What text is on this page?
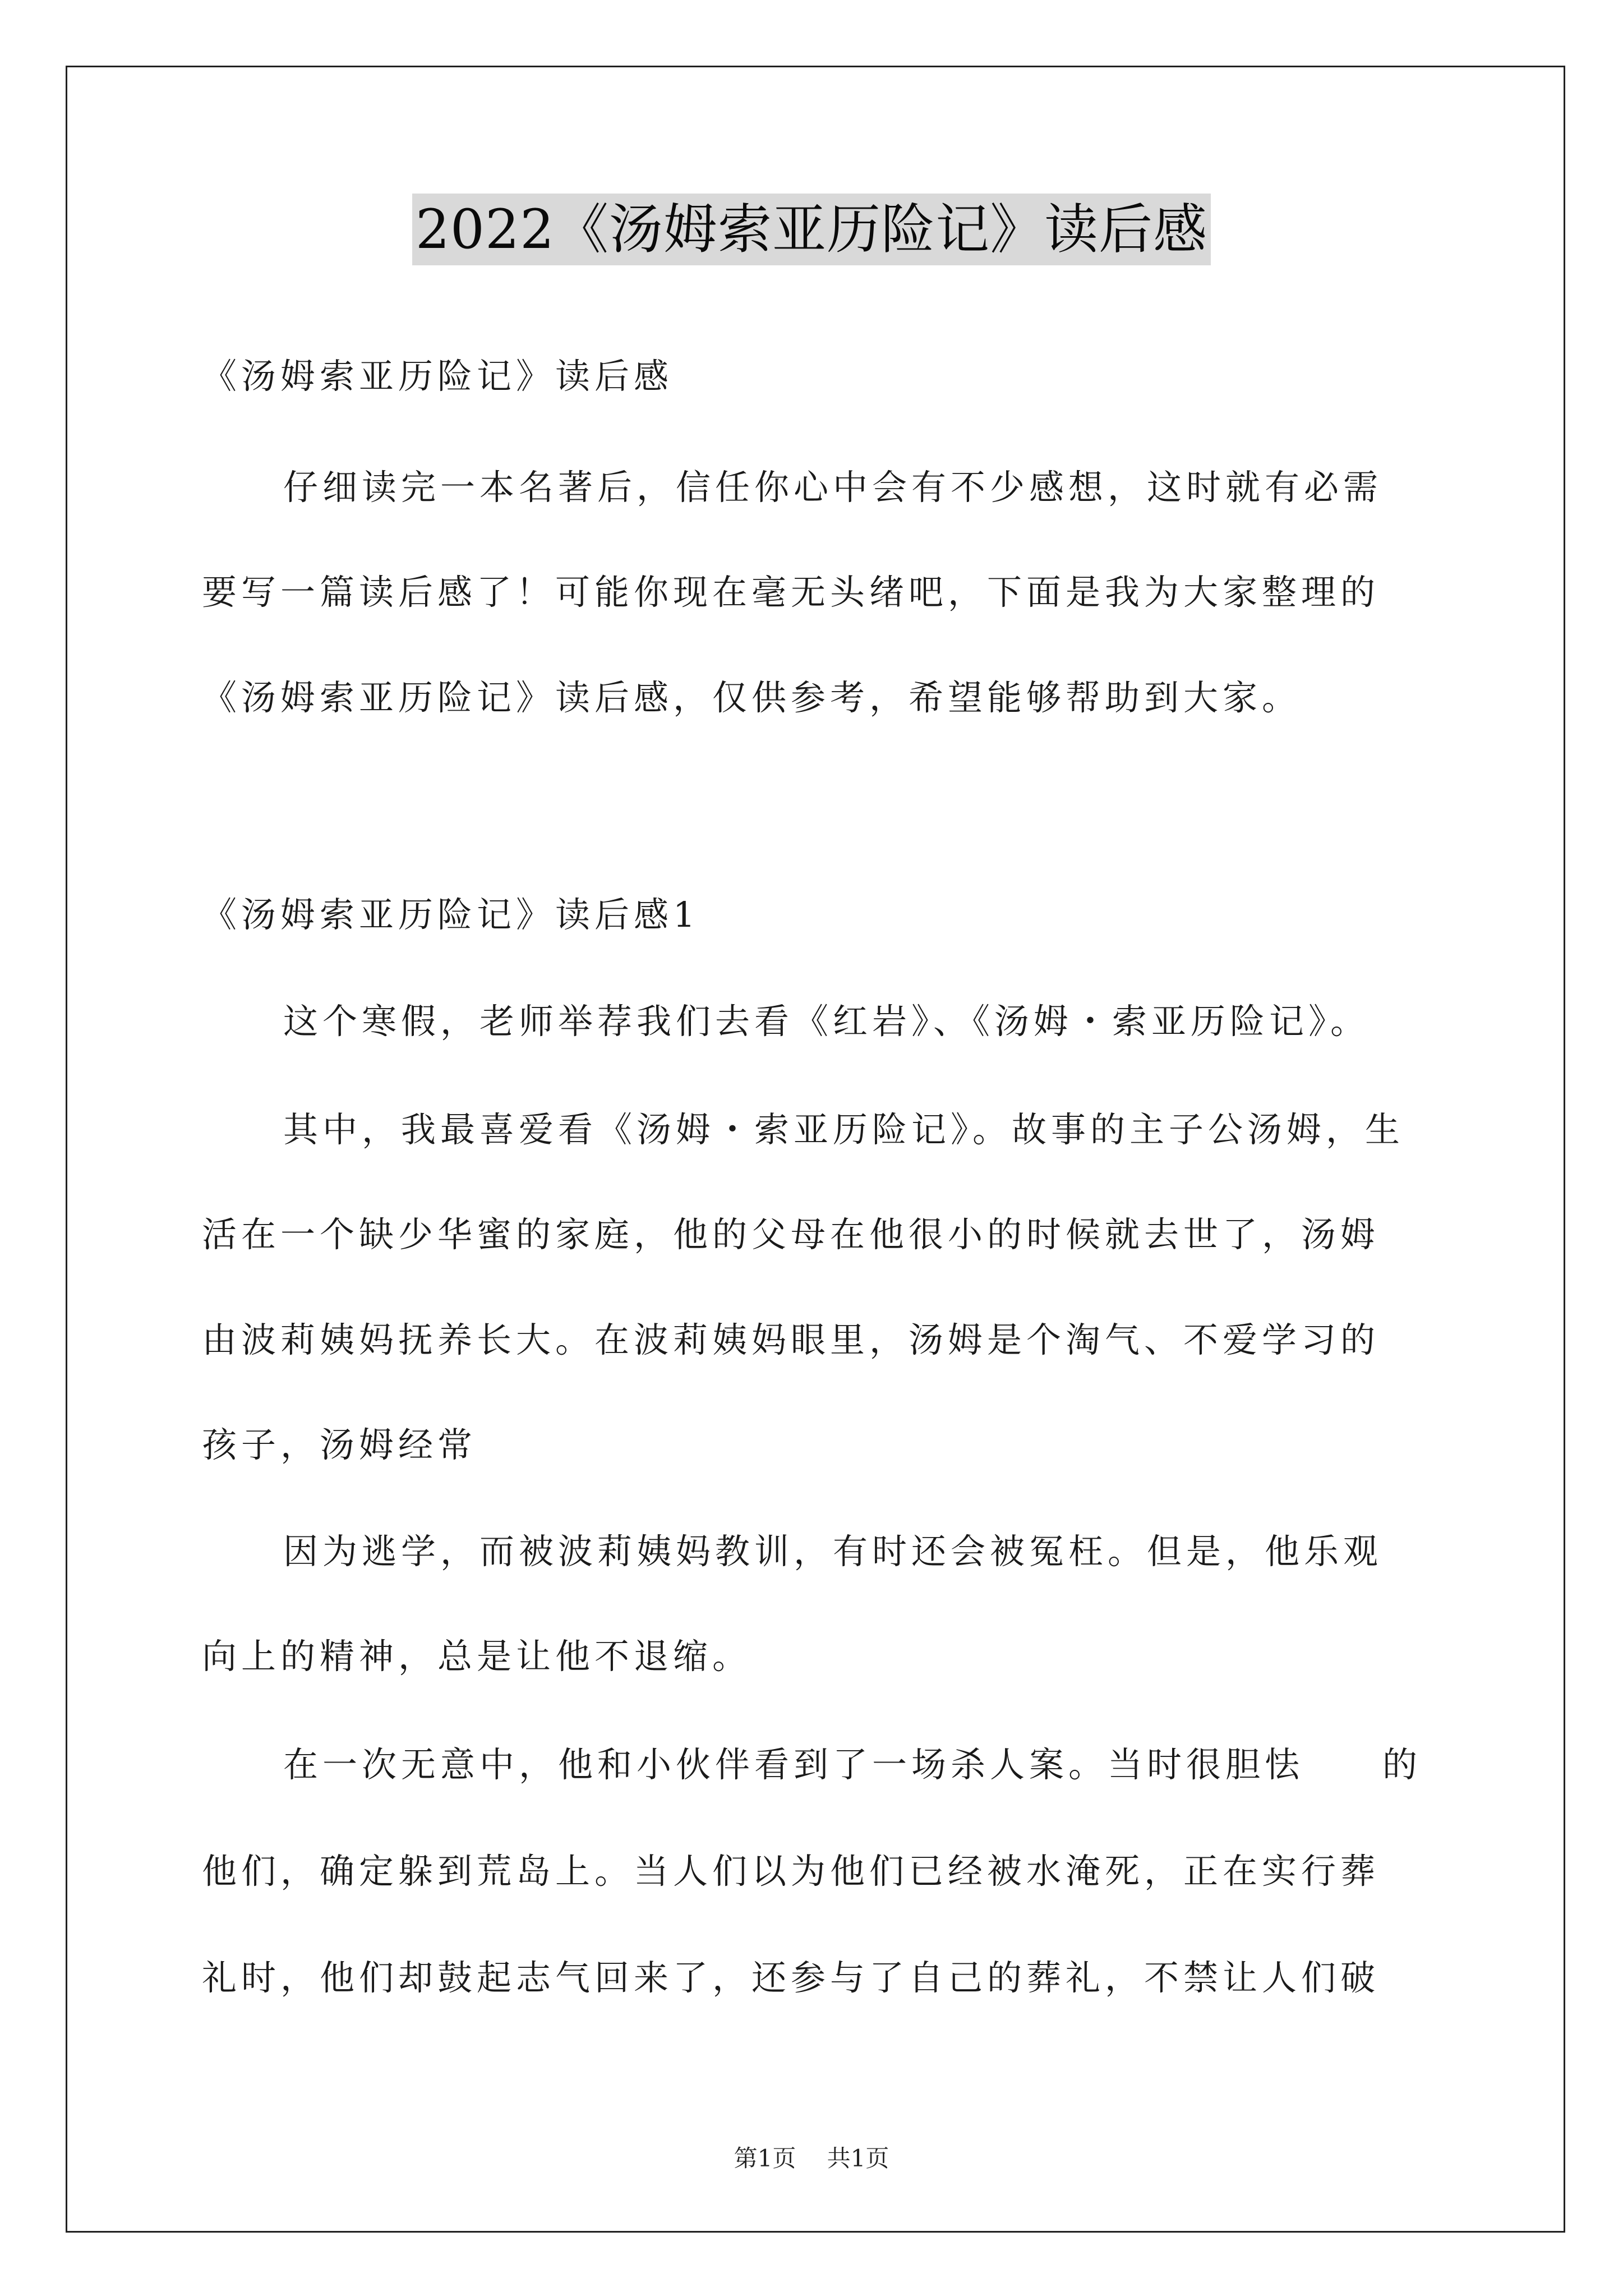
2022《汤姆索亚历险记》读后感
《汤姆索亚历险记》读后感
仔细读完一本名著后，信任你心中会有不少感想，这时就有必需
要写一篇读后感了！可能你现在毫无头绪吧，下面是我为大家整理的
《汤姆索亚历险记》读后感，仅供参考，希望能够帮助到大家。
《汤姆索亚历险记》读后感1
这个寒假，老师举荐我们去看《红岩》、《汤姆・索亚历险记》。
其中，我最喜爱看《汤姆・索亚历险记》。故事的主子公汤姆，生
活在一个缺少华蜜的家庭，他的父母在他很小的时候就去世了，汤姆
由波莉姨妈抚养长大。在波莉姨妈眼里，汤姆是个淘气、不爱学习的
孩子，汤姆经常
因为逃学，而被波莉姨妈教训，有时还会被冤枉。但是，他乐观
向上的精神，总是让他不退缩。
在一次无意中，他和小伙伴看到了一场杀人案。当时很胆怯　　的
他们，确定躲到荒岛上。当人们以为他们已经被水淹死，正在实行葬
礼时，他们却鼓起志气回来了，还参与了自己的葬礼，不禁让人们破
第1页　 共1页
